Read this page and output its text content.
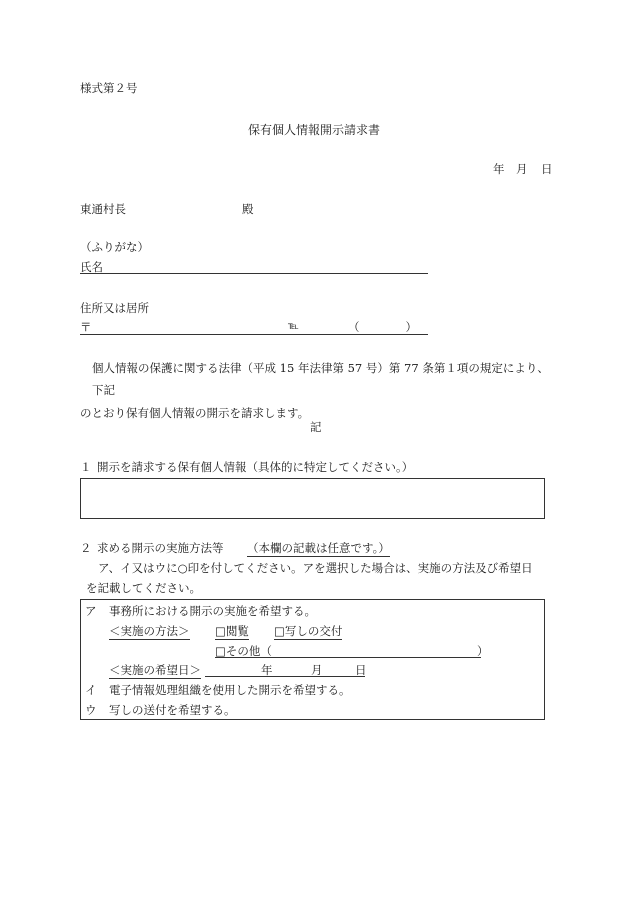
様式第２号
保有個人情報開示請求書
年 月 日
東通村長	殿
（ふりがな）
氏名
住所又は居所
〒	℡	（　　　　）
個人情報の保護に関する法律（平成 15 年法律第 57 号）第 77 条第１項の規定により、下記
のとおり保有個人情報の開示を請求します。
記
１ 開示を請求する保有個人情報（具体的に特定してください。）
２ 求める開示の実施方法等 （本欄の記載は任意です。）
ア、イ又はウに○印を付してください。アを選択した場合は、実施の方法及び希望日
を記載してください。
ア 事務所における開示の実施を希望する。
＜実施の方法＞ □閲覧 □写しの交付
□その他（	）
＜実施の希望日＞	年	月	日
イ 電子情報処理組織を使用した開示を希望する。
ウ 写しの送付を希望する。
